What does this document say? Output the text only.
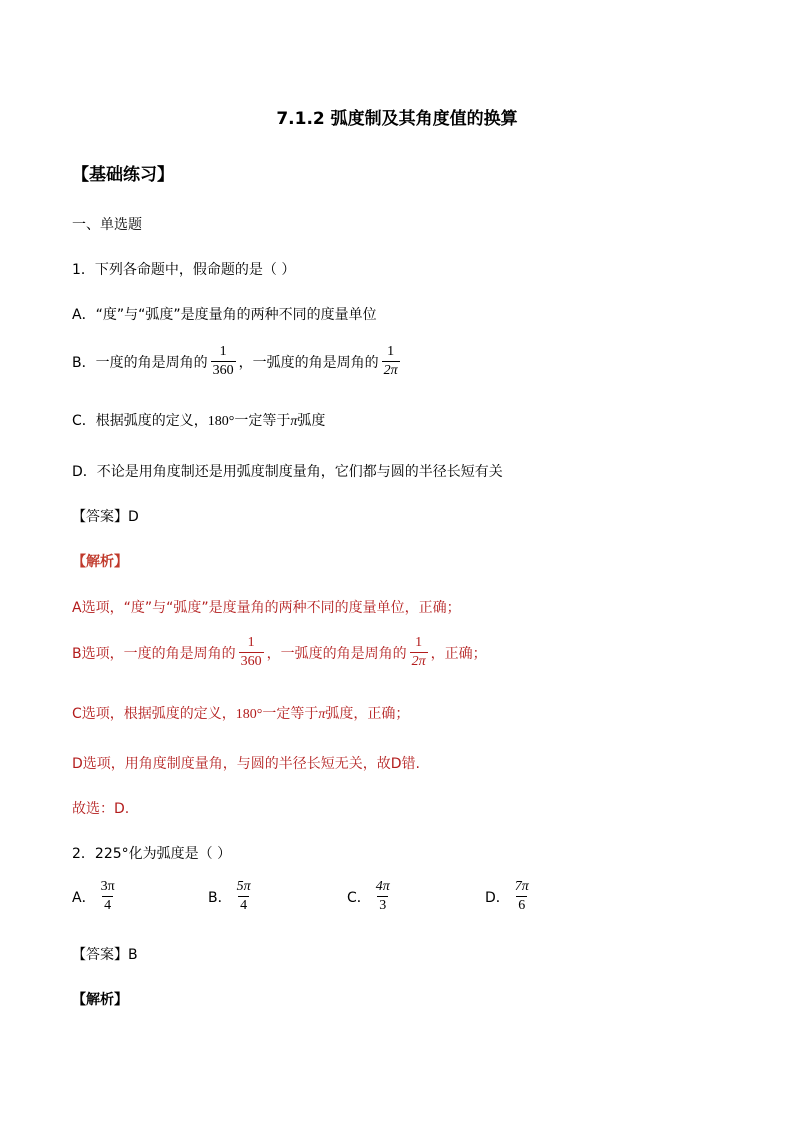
7.1.2 弧度制及其角度值的换算
【基础练习】
一、单选题
1．下列各命题中，假命题的是（ ）
A．“度”与“弧度”是度量角的两种不同的度量单位
B．一度的角是周角的 $\frac{1}{360}$ ，一弧度的角是周角的 $\frac{1}{2\pi}$
C．根据弧度的定义，180°一定等于π弧度
D．不论是用角度制还是用弧度制度量角，它们都与圆的半径长短有关
【答案】D
【解析】
A选项，“度”与“弧度”是度量角的两种不同的度量单位，正确；
B选项，一度的角是周角的 $\frac{1}{360}$ ，一弧度的角是周角的 $\frac{1}{2\pi}$ ，正确；
C选项，根据弧度的定义，180°一定等于π弧度，正确；
D选项，用角度制度量角，与圆的半径长短无关，故D错.
故选：D.
2．225°化为弧度是（ ）
A． $\frac{3\pi}{4}$	B． $\frac{5\pi}{4}$	C． $\frac{4\pi}{3}$	D． $\frac{7\pi}{6}$
【答案】B
【解析】
